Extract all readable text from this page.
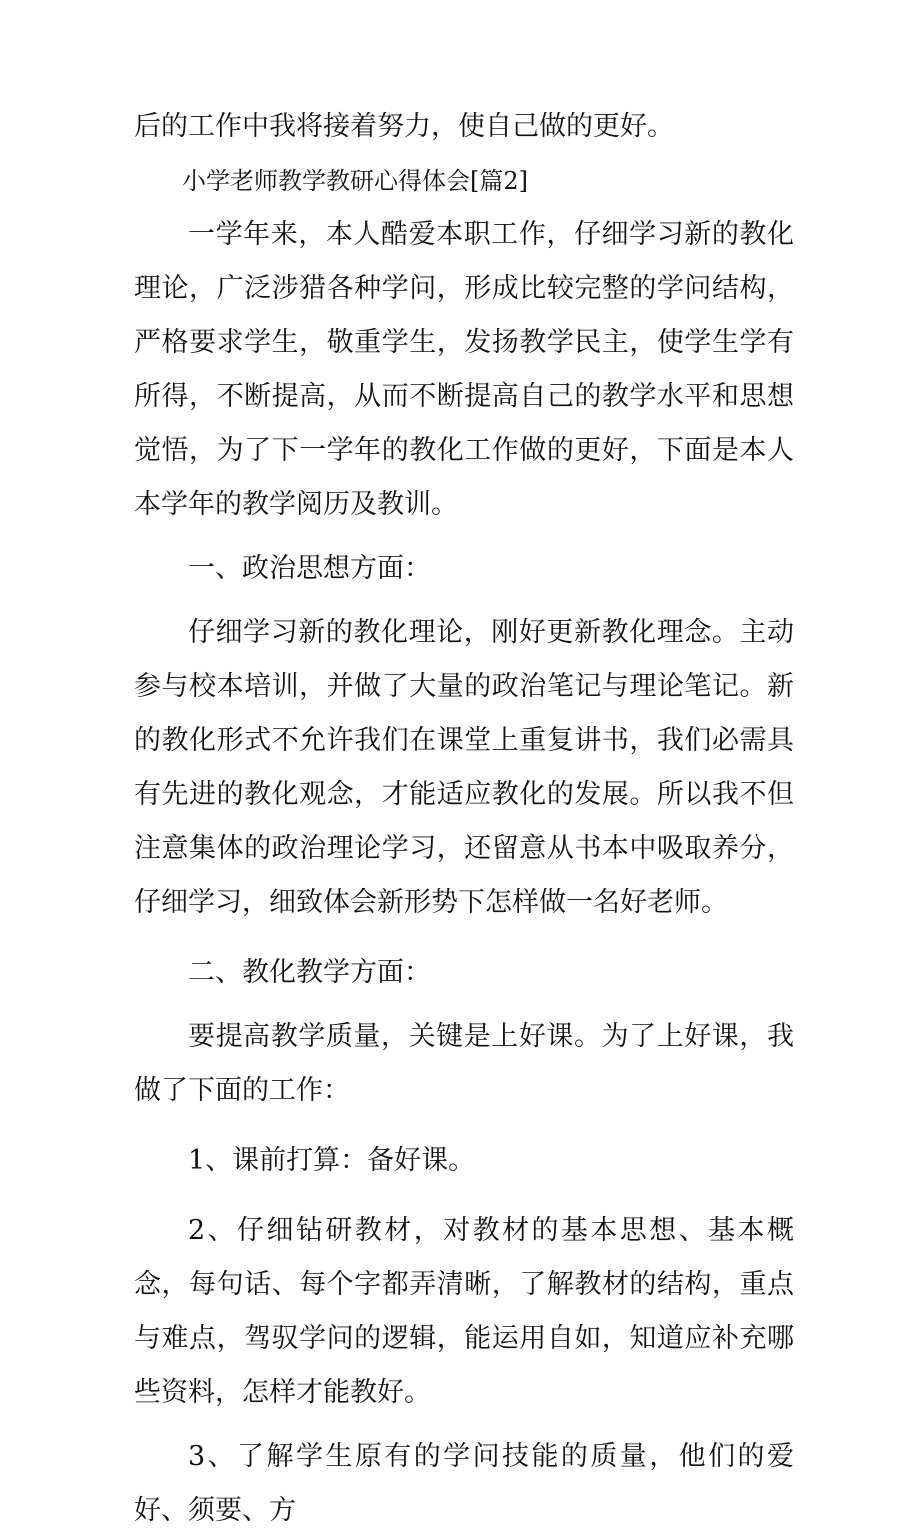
后的工作中我将接着努力，使自己做的更好。

小学老师教学教研心得体会[篇2]

一学年来，本人酷爱本职工作，仔细学习新的教化理论，广泛涉猎各种学问，形成比较完整的学问结构，严格要求学生，敬重学生，发扬教学民主，使学生学有所得，不断提高，从而不断提高自己的教学水平和思想觉悟，为了下一学年的教化工作做的更好，下面是本人本学年的教学阅历及教训。

一、政治思想方面：

仔细学习新的教化理论，刚好更新教化理念。主动参与校本培训，并做了大量的政治笔记与理论笔记。新的教化形式不允许我们在课堂上重复讲书，我们必需具有先进的教化观念，才能适应教化的发展。所以我不但注意集体的政治理论学习，还留意从书本中吸取养分，仔细学习，细致体会新形势下怎样做一名好老师。

二、教化教学方面：

要提高教学质量，关键是上好课。为了上好课，我做了下面的工作：

1、课前打算：备好课。

2、仔细钻研教材，对教材的基本思想、基本概念，每句话、每个字都弄清晰，了解教材的结构，重点与难点，驾驭学问的逻辑，能运用自如，知道应补充哪些资料，怎样才能教好。

3、了解学生原有的学问技能的质量，他们的爱好、须要、方
